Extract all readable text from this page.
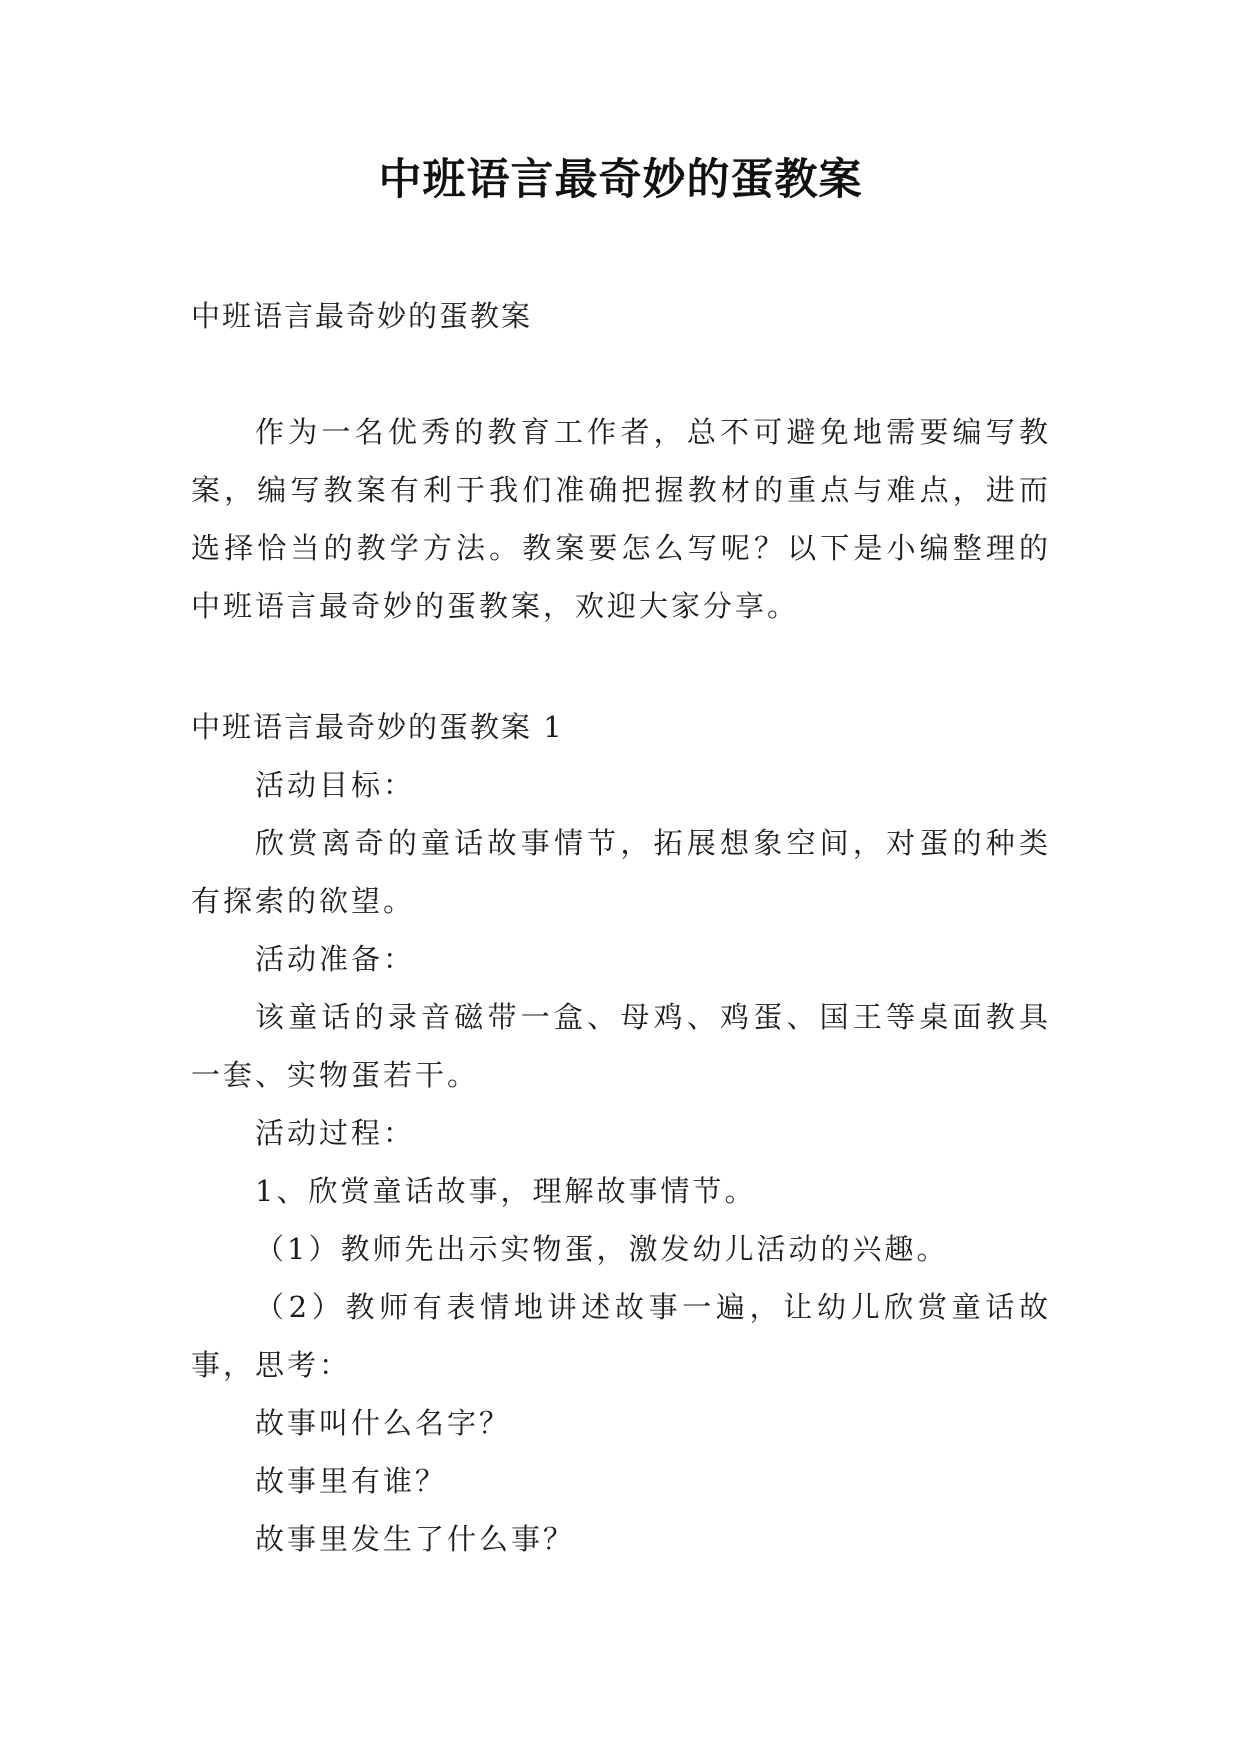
中班语言最奇妙的蛋教案
中班语言最奇妙的蛋教案

作为一名优秀的教育工作者，总不可避免地需要编写教案，编写教案有利于我们准确把握教材的重点与难点，进而选择恰当的教学方法。教案要怎么写呢？以下是小编整理的中班语言最奇妙的蛋教案，欢迎大家分享。

中班语言最奇妙的蛋教案 1

活动目标：

欣赏离奇的童话故事情节，拓展想象空间，对蛋的种类有探索的欲望。

活动准备：

该童话的录音磁带一盒、母鸡、鸡蛋、国王等桌面教具一套、实物蛋若干。

活动过程：

1、欣赏童话故事，理解故事情节。

（1）教师先出示实物蛋，激发幼儿活动的兴趣。

（2）教师有表情地讲述故事一遍，让幼儿欣赏童话故事，思考：

故事叫什么名字？

故事里有谁？

故事里发生了什么事？
